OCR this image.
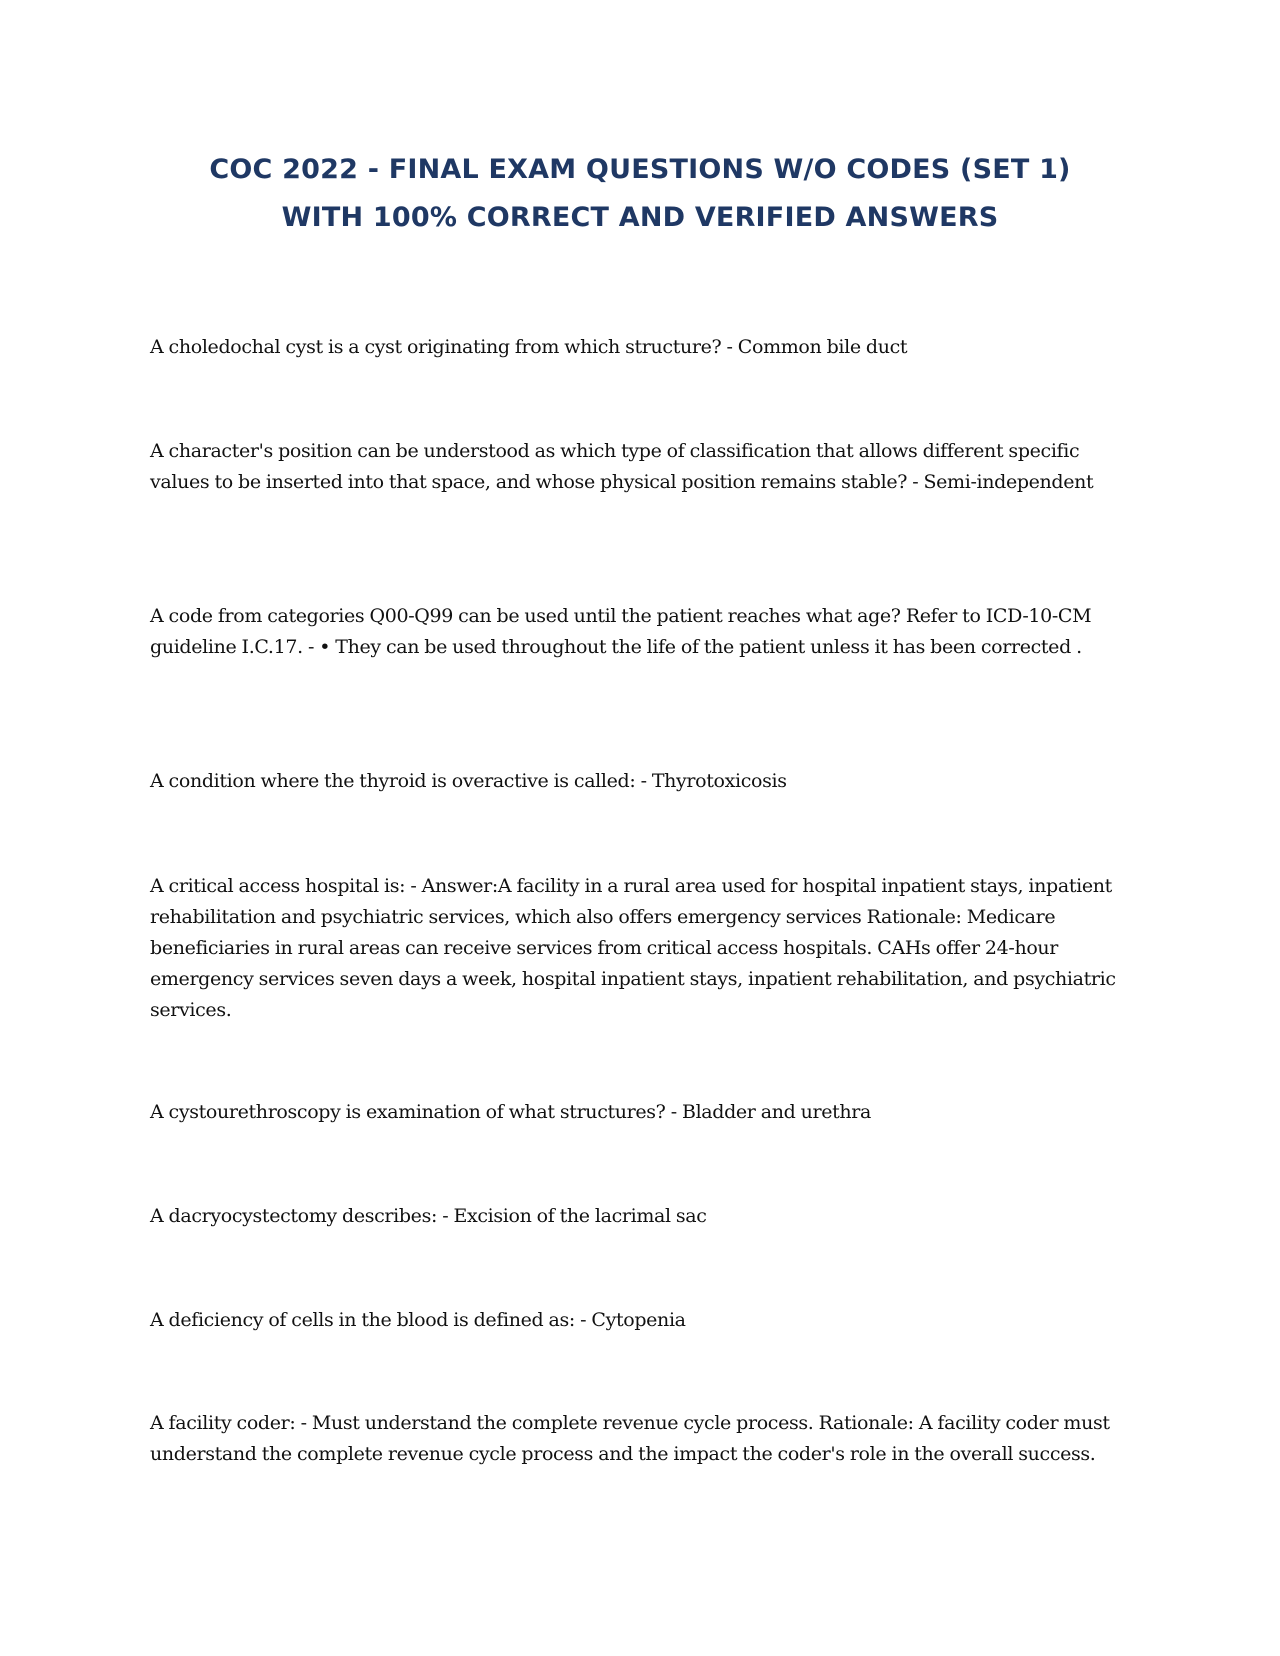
COC 2022 - FINAL EXAM QUESTIONS W/O CODES (SET 1)
WITH 100% CORRECT AND VERIFIED ANSWERS

A choledochal cyst is a cyst originating from which structure? - Common bile duct

A character's position can be understood as which type of classification that allows different specific values to be inserted into that space, and whose physical position remains stable? - Semi-independent

A code from categories Q00-Q99 can be used until the patient reaches what age? Refer to ICD-10-CM guideline I.C.17. - • They can be used throughout the life of the patient unless it has been corrected .

A condition where the thyroid is overactive is called: - Thyrotoxicosis

A critical access hospital is: - Answer:A facility in a rural area used for hospital inpatient stays, inpatient rehabilitation and psychiatric services, which also offers emergency services Rationale: Medicare beneficiaries in rural areas can receive services from critical access hospitals. CAHs offer 24-hour emergency services seven days a week, hospital inpatient stays, inpatient rehabilitation, and psychiatric services.

A cystourethroscopy is examination of what structures? - Bladder and urethra

A dacryocystectomy describes: - Excision of the lacrimal sac

A deficiency of cells in the blood is defined as: - Cytopenia

A facility coder: - Must understand the complete revenue cycle process. Rationale: A facility coder must understand the complete revenue cycle process and the impact the coder's role in the overall success.
